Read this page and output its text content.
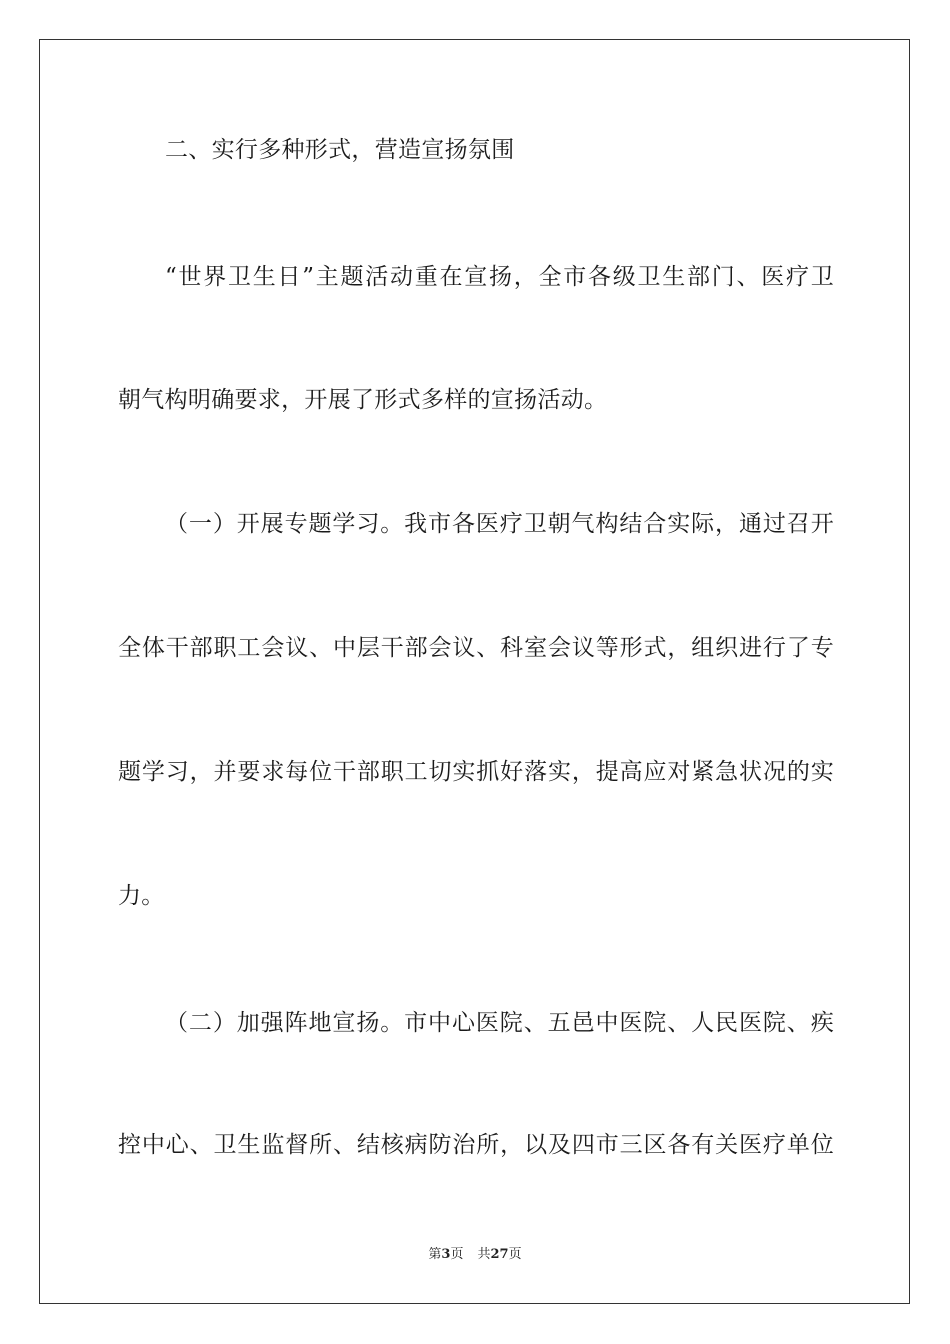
二、实行多种形式，营造宣扬氛围
“世界卫生日”主题活动重在宣扬，全市各级卫生部门、医疗卫
朝气构明确要求，开展了形式多样的宣扬活动。
（一）开展专题学习。我市各医疗卫朝气构结合实际，通过召开
全体干部职工会议、中层干部会议、科室会议等形式，组织进行了专
题学习，并要求每位干部职工切实抓好落实，提高应对紧急状况的实
力。
（二）加强阵地宣扬。市中心医院、五邑中医院、人民医院、疾
控中心、卫生监督所、结核病防治所，以及四市三区各有关医疗单位
第3页 共27页
